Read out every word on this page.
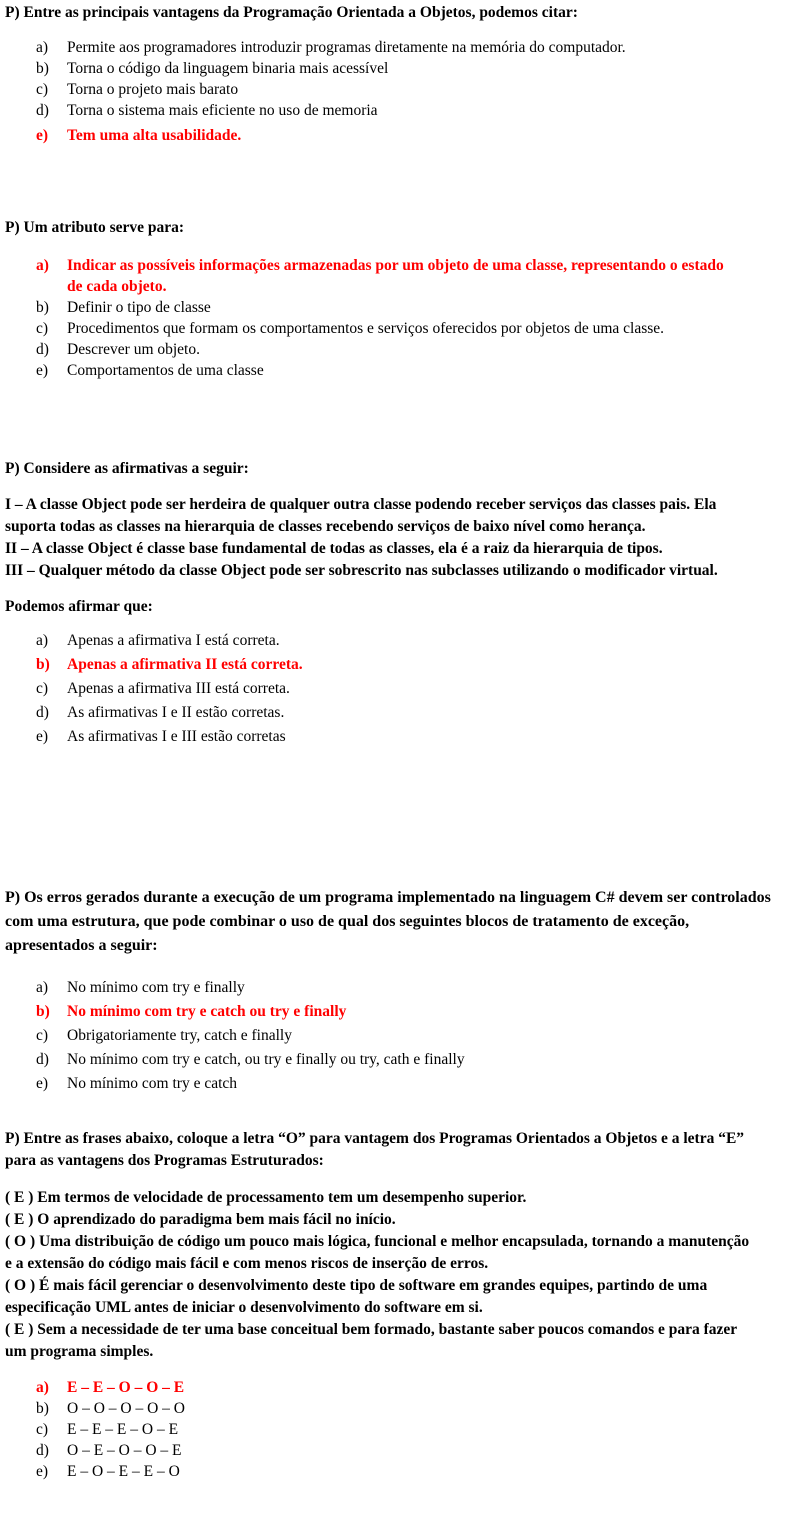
P) Entre as principais vantagens da Programação Orientada a Objetos, podemos citar:

a) Permite aos programadores introduzir programas diretamente na memória do computador.
b) Torna o código da linguagem binaria mais acessível
c) Torna o projeto mais barato
d) Torna o sistema mais eficiente no uso de memoria
e) Tem uma alta usabilidade.

P) Um atributo serve para:

a) Indicar as possíveis informações armazenadas por um objeto de uma classe, representando o estado de cada objeto.
b) Definir o tipo de classe
c) Procedimentos que formam os comportamentos e serviços oferecidos por objetos de uma classe.
d) Descrever um objeto.
e) Comportamentos de uma classe

P) Considere as afirmativas a seguir:

I – A classe Object pode ser herdeira de qualquer outra classe podendo receber serviços das classes pais. Ela suporta todas as classes na hierarquia de classes recebendo serviços de baixo nível como herança.

II – A classe Object é classe base fundamental de todas as classes, ela é a raiz da hierarquia de tipos.

III – Qualquer método da classe Object pode ser sobrescrito nas subclasses utilizando o modificador virtual.

Podemos afirmar que:

a) Apenas a afirmativa I está correta.
b) Apenas a afirmativa II está correta.
c) Apenas a afirmativa III está correta.
d) As afirmativas I e II estão corretas.
e) As afirmativas I e III estão corretas

P) Os erros gerados durante a execução de um programa implementado na linguagem C# devem ser controlados com uma estrutura, que pode combinar o uso de qual dos seguintes blocos de tratamento de exceção, apresentados a seguir:

a) No mínimo com try e finally
b) No mínimo com try e catch ou try e finally
c) Obrigatoriamente try, catch e finally
d) No mínimo com try e catch, ou try e finally ou try, cath e finally
e) No mínimo com try e catch

P) Entre as frases abaixo, coloque a letra “O” para vantagem dos Programas Orientados a Objetos e a letra “E” para as vantagens dos Programas Estruturados:

( E ) Em termos de velocidade de processamento tem um desempenho superior.

( E ) O aprendizado do paradigma bem mais fácil no início.

( O ) Uma distribuição de código um pouco mais lógica, funcional e melhor encapsulada, tornando a manutenção e a extensão do código mais fácil e com menos riscos de inserção de erros.

( O ) É mais fácil gerenciar o desenvolvimento deste tipo de software em grandes equipes, partindo de uma especificação UML antes de iniciar o desenvolvimento do software em si.

( E ) Sem a necessidade de ter uma base conceitual bem formado, bastante saber poucos comandos e para fazer um programa simples.

a) E – E – O – O – E
b) O – O – O – O – O
c) E – E – E – O – E
d) O – E – O – O – E
e) E – O – E – E – O
